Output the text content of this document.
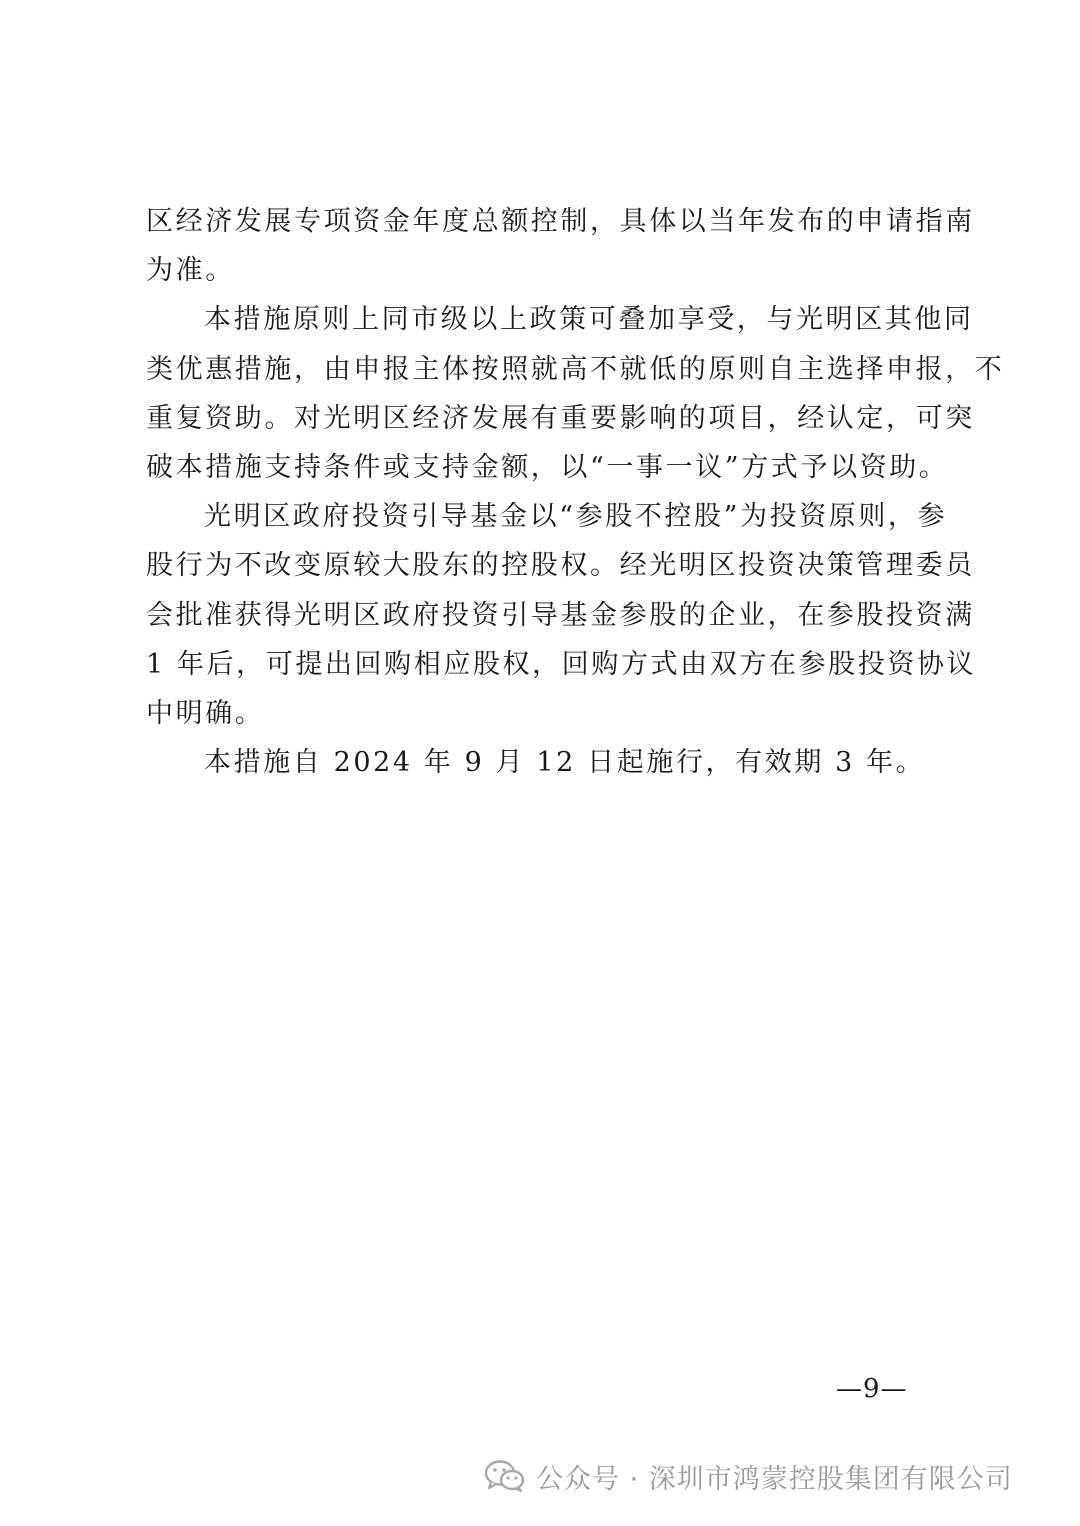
区经济发展专项资金年度总额控制，具体以当年发布的申请指南
为准。

本措施原则上同市级以上政策可叠加享受，与光明区其他同
类优惠措施，由申报主体按照就高不就低的原则自主选择申报，不
重复资助。对光明区经济发展有重要影响的项目，经认定，可突
破本措施支持条件或支持金额，以“一事一议”方式予以资助。

光明区政府投资引导基金以“参股不控股”为投资原则，参
股行为不改变原较大股东的控股权。经光明区投资决策管理委员
会批准获得光明区政府投资引导基金参股的企业，在参股投资满
1 年后，可提出回购相应股权，回购方式由双方在参股投资协议
中明确。

本措施自 2024 年 9 月 12 日起施行，有效期 3 年。

—9—
公众号 · 深圳市鸿蒙控股集团有限公司
